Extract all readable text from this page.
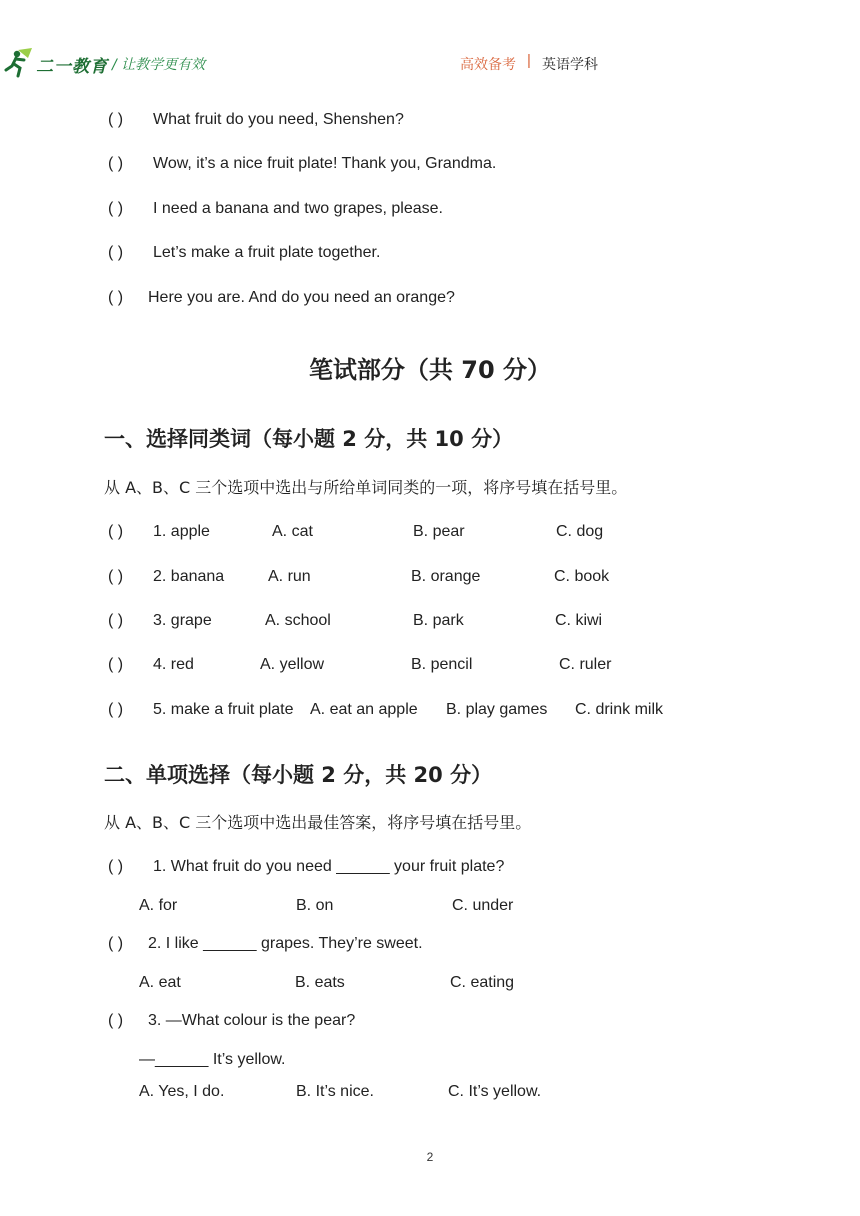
二一教育 / 让教学更有效	高效备考 | 英语学科
( ) What fruit do you need, Shenshen?
( ) Wow, it’s a nice fruit plate! Thank you, Grandma.
( ) I need a banana and two grapes, please.
( ) Let’s make a fruit plate together.
( ) Here you are. And do you need an orange?
笔试部分（共 70 分）
一、选择同类词（每小题 2 分，共 10 分）
从 A、B、C 三个选项中选出与所给单词同类的一项，将序号填在括号里。
( ) 1. apple	A. cat	B. pear	C. dog
( ) 2. banana	A. run	B. orange	C. book
( ) 3. grape	A. school	B. park	C. kiwi
( ) 4. red	A. yellow	B. pencil	C. ruler
( ) 5. make a fruit plate A. eat an apple B. play games C. drink milk
二、单项选择（每小题 2 分，共 20 分）
从 A、B、C 三个选项中选出最佳答案，将序号填在括号里。
( ) 1. What fruit do you need ______ your fruit plate?
A. for	B. on	C. under
( ) 2. I like ______ grapes. They’re sweet.
A. eat	B. eats	C. eating
( ) 3. —What colour is the pear?
—______ It’s yellow.
A. Yes, I do.	B. It’s nice.	C. It’s yellow.
2
